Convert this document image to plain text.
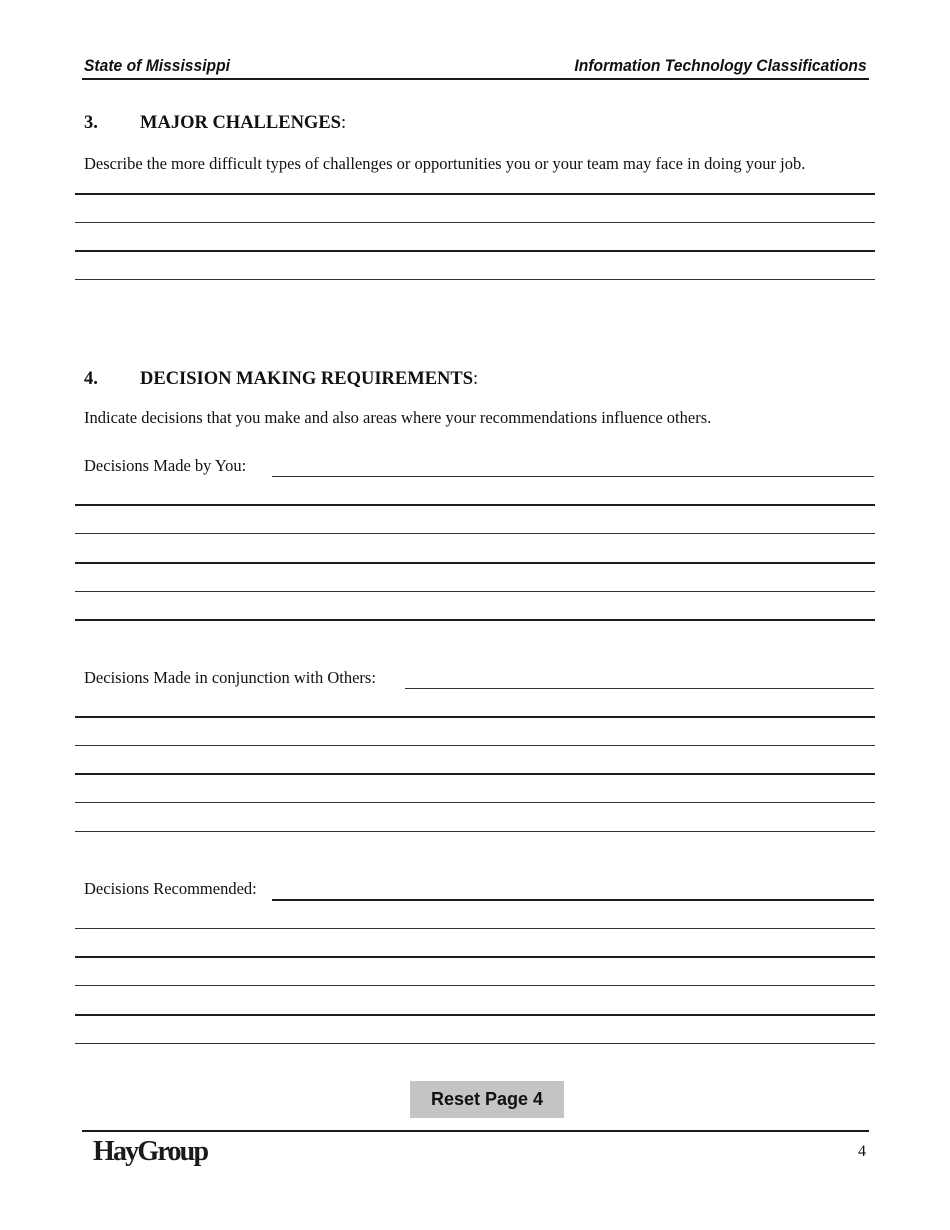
State of Mississippi	Information Technology Classifications
3. MAJOR CHALLENGES:
Describe the more difficult types of challenges or opportunities you or your team may face in doing your job.
4. DECISION MAKING REQUIREMENTS:
Indicate decisions that you make and also areas where your recommendations influence others.
Decisions Made by You:
Decisions Made in conjunction with Others:
Decisions Recommended:
Reset Page 4
HayGroup	4
